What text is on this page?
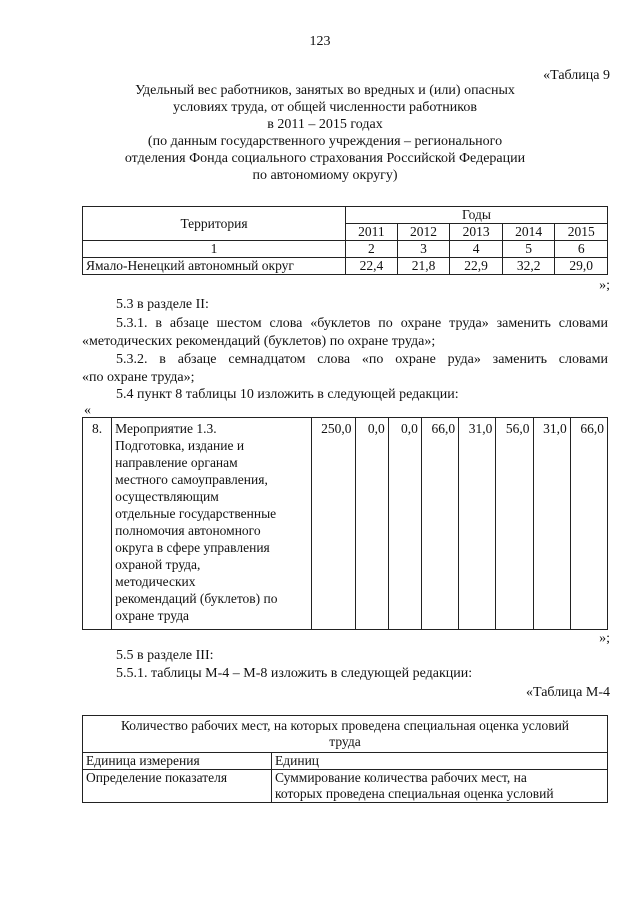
123
«Таблица 9
Удельный вес работников, занятых во вредных и (или) опасных
условиях труда, от общей численности работников
в 2011 – 2015 годах
(по данным государственного учреждения – регионального
отделения Фонда социального страхования Российской Федерации
по автономиому округу)
Территория	Годы				
	2011	2012	2013	2014	2015
1	2	3	4	5	6
Ямало-Ненецкий автономный округ	22,4	21,8	22,9	32,2	29,0
»;
5.3 в разделе II:
5.3.1. в абзаце шестом слова «буклетов по охране труда» заменить словами
«методических рекомендаций (буклетов) по охране труда»;
5.3.2. в абзаце семнадцатом слова «по охране руда» заменить словами
«по охране труда»;
5.4 пункт 8 таблицы 10 изложить в следующей редакции:
«
8.	Мероприятие 1.3.
Подготовка, издание и
направление органам
местного самоуправления,
осуществляющим
отдельные государственные
полномочия автономного
округа в сфере управления
охраной труда,
методических
рекомендаций (буклетов) по
охране труда
	250,0	0,0	0,0	66,0	31,0	56,0	31,0	66,0
»;
5.5 в разделе III:
5.5.1. таблицы М-4 – М-8 изложить в следующей редакции:
«Таблица М-4
Количество рабочих мест, на которых проведена специальная оценка условий
труда	

Единица измерения	Единиц

Определение показателя	Суммирование количества рабочих мест, на
которых проведена специальная оценка условий
